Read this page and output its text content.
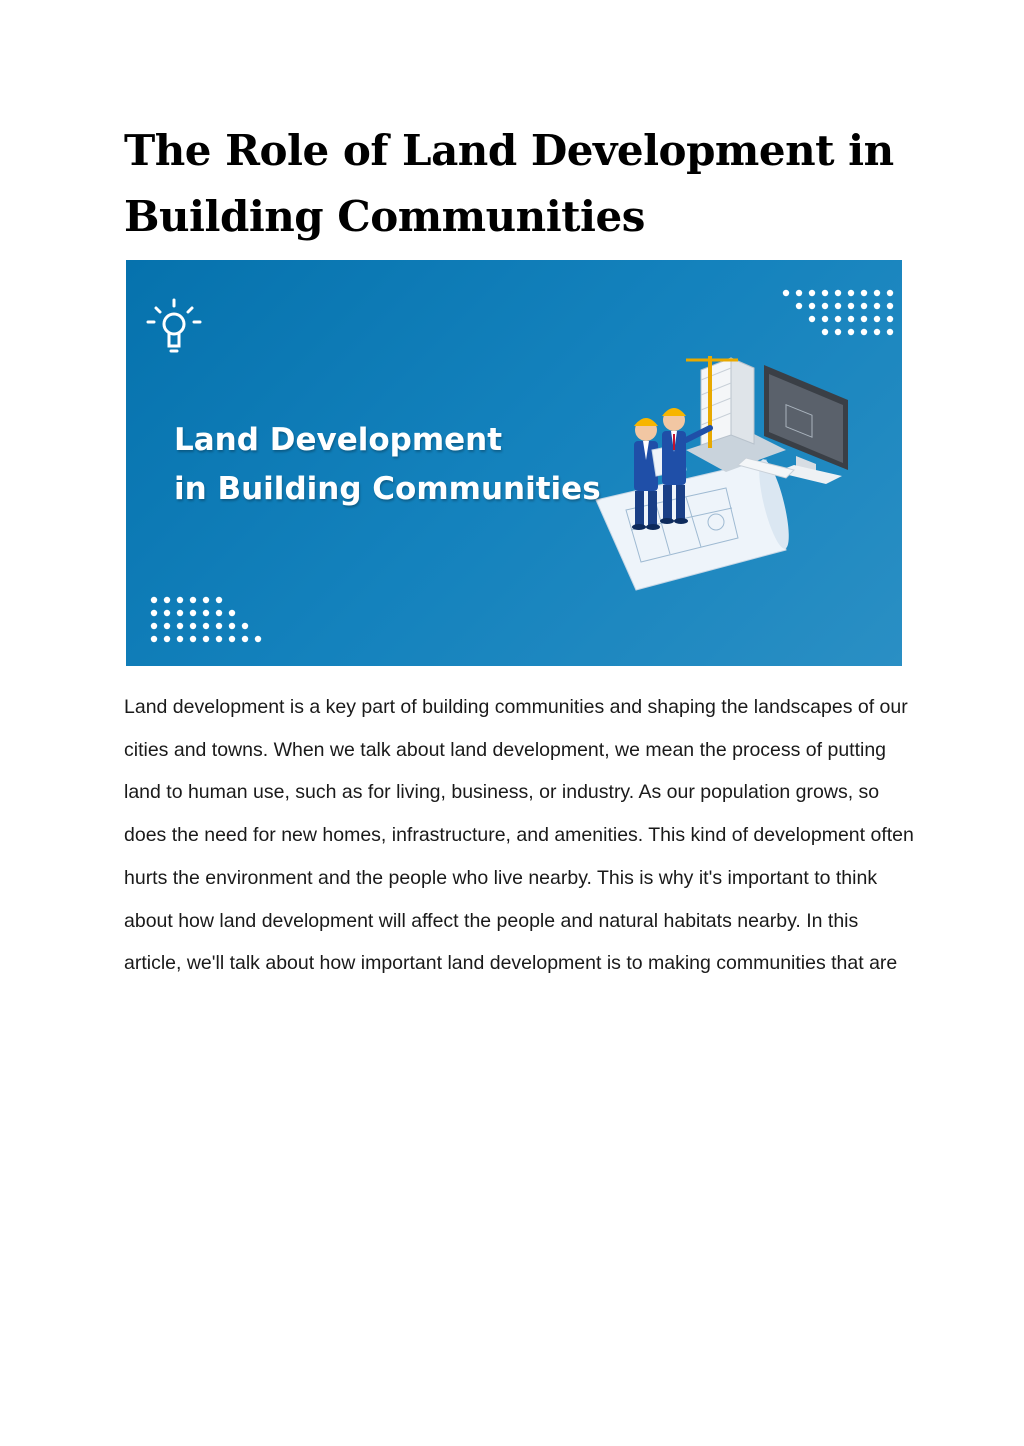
The Role of Land Development in Building Communities
Land Development
in Building Communities

Land development is a key part of building communities and shaping the landscapes of our cities and towns. When we talk about land development, we mean the process of putting land to human use, such as for living, business, or industry. As our population grows, so does the need for new homes, infrastructure, and amenities. This kind of development often hurts the environment and the people who live nearby. This is why it's important to think about how land development will affect the people and natural habitats nearby. In this article, we'll talk about how important land development is to making communities that are
